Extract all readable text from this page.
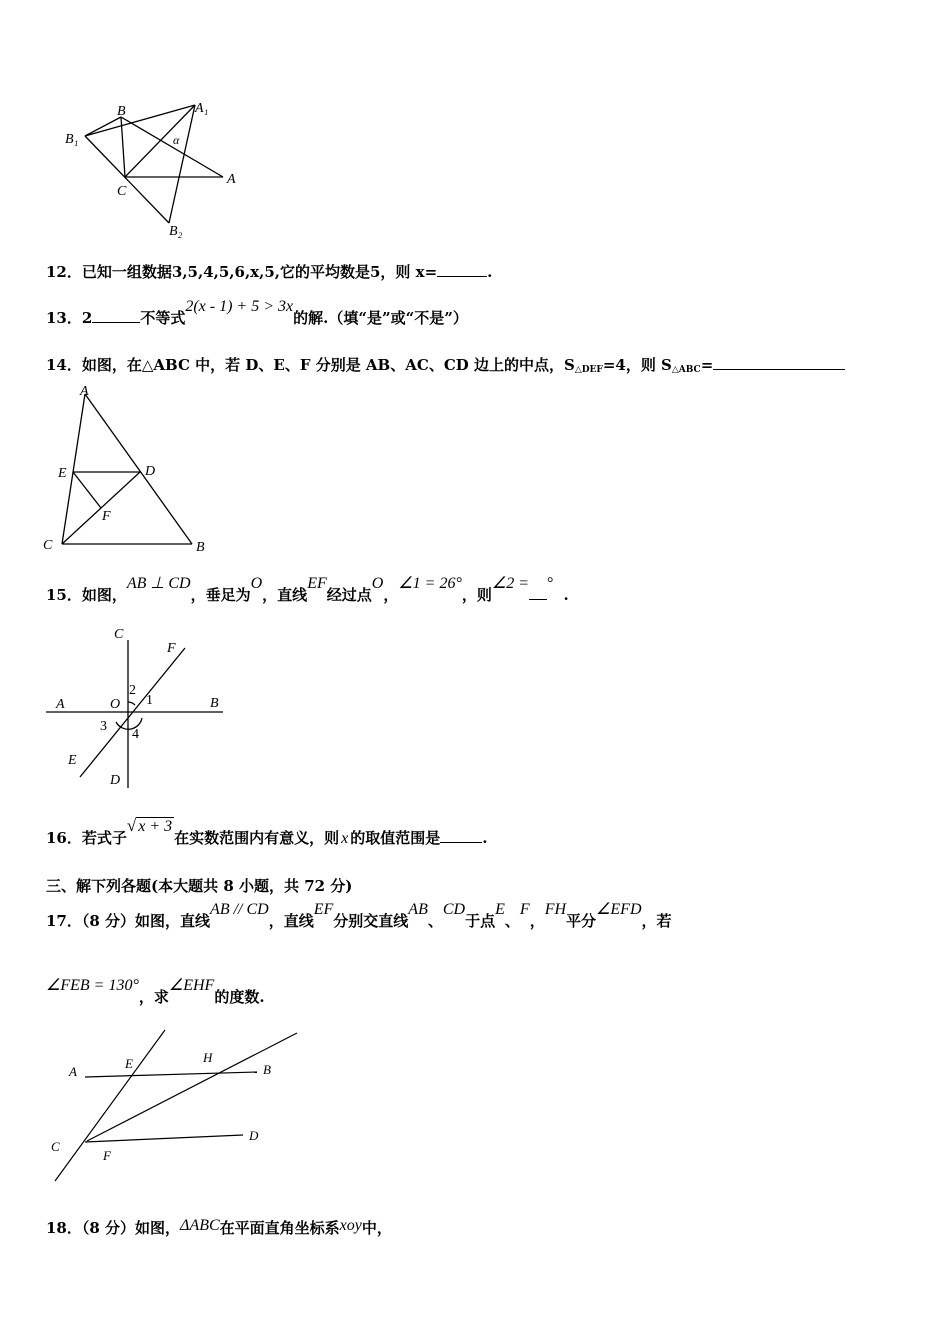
B	A₁
B₁	α
C
A
B₂
12．已知一组数据3,5,4,5,6,x,5,它的平均数是5，则 x=	.
13．2	不等式2(x - 1) + 5 > 3x的解.（填“是”或“不是”）
14．如图，在△ABC 中，若 D、E、F 分别是 AB、AC、CD 边上的中点，$S_{\triangle DEF}=4$，则 $S_{\triangle ABC}=$
A
E	D
F
C	B
15．如图，AB ⊥ CD，垂足为O，直线EF经过点O，∠1 = 26°，则∠2 = °.
C
F
A	O
2
1	B
3
4
E
D
16．若式子√ x + 3在实数范围内有意义，则 x 的取值范围是	.
三、解下列各题(本大题共 8 小题，共 72 分)
17．（8 分）如图，直线AB // CD，直线EF分别交直线AB、CD于点E、F，FH平分∠EFD，若
∠FEB = 130°，求∠EHF的度数.
A
E	H
B
C
F
D
18．（8 分）如图，ΔABC在平面直角坐标系xoy中，
